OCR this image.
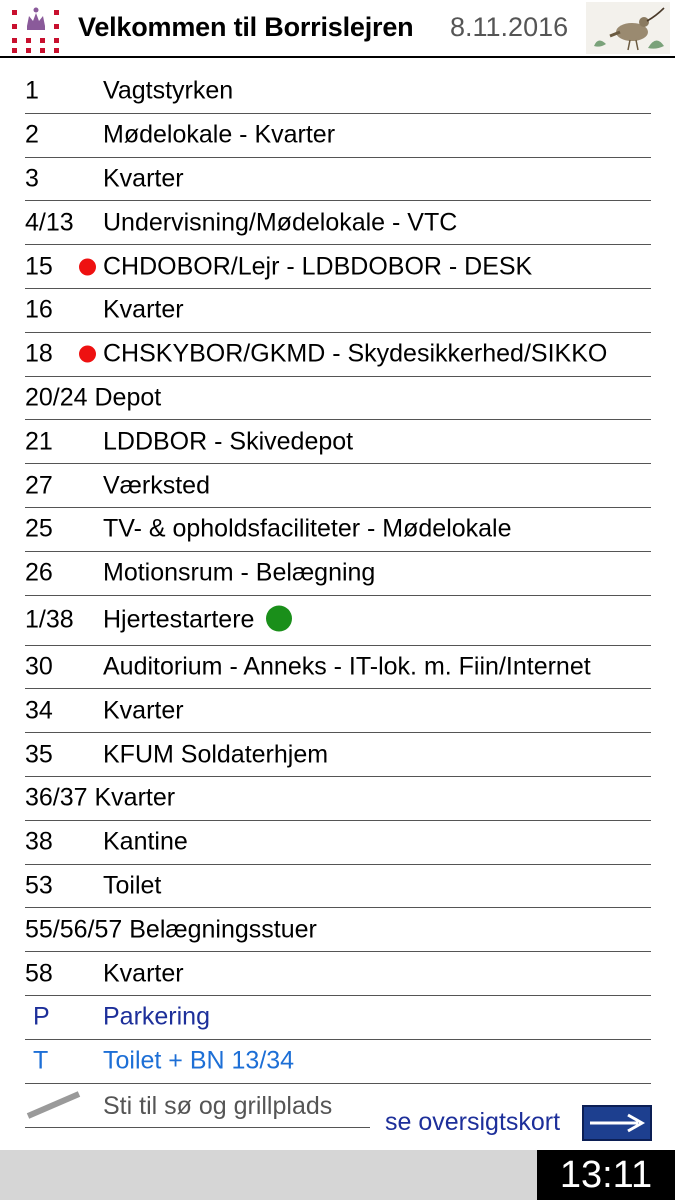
Velkommen til Borrislejren 8.11.2016
1	Vagtstyrken
2	Mødelokale - Kvarter
3	Kvarter
4/13 Undervisning/Mødelokale - VTC
15 CHDOBOR/Lejr - LDBDOBOR - DESK
16 Kvarter
18 CHSKYBOR/GKMD - Skydesikkerhed/SIKKO
20/24 Depot
21 LDDBOR - Skivedepot
27 Værksted
25 TV- & opholdsfaciliteter - Mødelokale
26 Motionsrum - Belægning
1/38 Hjertestartere
30 Auditorium - Anneks - IT-lok. m. Fiin/Internet
34 Kvarter
35 KFUM Soldaterhjem
36/37 Kvarter
38 Kantine
53 Toilet
55/56/57 Belægningsstuer
58 Kvarter
P Parkering
T Toilet + BN 13/34
Sti til sø og grillplads
se oversigtskort
13:11
